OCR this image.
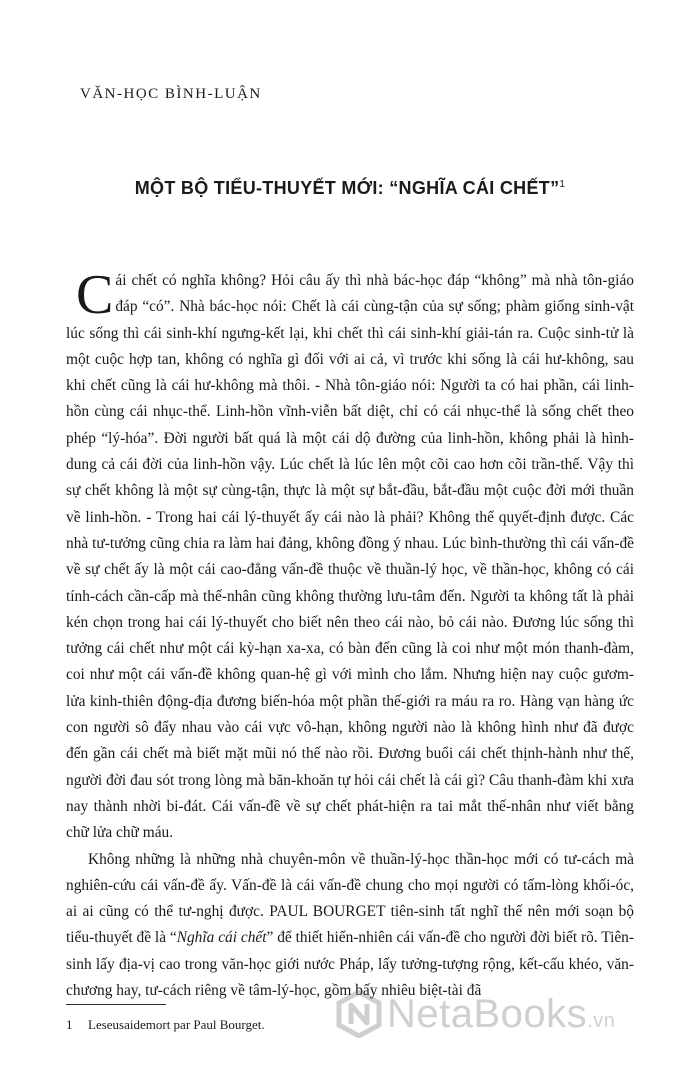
VĂN-HỌC BÌNH-LUẬN
MỘT BỘ TIỂU-THUYẾT MỚI: “NGHĨA CÁI CHẾT”$^1$

Cái chết có nghĩa không? Hỏi câu ấy thì nhà bác-học đáp “không” mà nhà tôn-giáo đáp “có”. Nhà bác-học nói: Chết là cái cùng-tận của sự sống; phàm giống sinh-vật lúc sống thì cái sinh-khí ngưng-kết lại, khi chết thì cái sinh-khí giải-tán ra. Cuộc sinh-tử là một cuộc hợp tan, không có nghĩa gì đối với ai cả, vì trước khi sống là cái hư-không, sau khi chết cũng là cái hư-không mà thôi. - Nhà tôn-giáo nói: Người ta có hai phần, cái linh-hồn cùng cái nhục-thể. Linh-hồn vĩnh-viễn bất diệt, chỉ có cái nhục-thể là sống chết theo phép “lý-hóa”. Đời người bất quá là một cái dộ đường của linh-hồn, không phải là hình-dung cả cái đời của linh-hồn vậy. Lúc chết là lúc lên một cõi cao hơn cõi trần-thế. Vậy thì sự chết không là một sự cùng-tận, thực là một sự bắt-đầu, bắt-đầu một cuộc đời mới thuần về linh-hồn. - Trong hai cái lý-thuyết ấy cái nào là phải? Không thể quyết-định được. Các nhà tư-tưởng cũng chia ra làm hai đảng, không đồng ý nhau. Lúc bình-thường thì cái vấn-đề về sự chết ấy là một cái cao-đẳng vấn-đề thuộc về thuần-lý học, về thần-học, không có cái tính-cách cần-cấp mà thế-nhân cũng không thường lưu-tâm đến. Người ta không tất là phải kén chọn trong hai cái lý-thuyết cho biết nên theo cái nào, bỏ cái nào. Đương lúc sống thì tưởng cái chết như một cái kỳ-hạn xa-xa, có bàn đến cũng là coi như một món thanh-đàm, coi như một cái vấn-đề không quan-hệ gì với mình cho lắm. Nhưng hiện nay cuộc gươm-lửa kinh-thiên động-địa đương biến-hóa một phần thế-giới ra máu ra ro. Hàng vạn hàng ức con người sô đẩy nhau vào cái vực vô-hạn, không người nào là không hình như đã được đến gần cái chết mà biết mặt mũi nó thế nào rồi. Đương buổi cái chết thịnh-hành như thế, người đời đau sót trong lòng mà băn-khoăn tự hỏi cái chết là cái gì? Câu thanh-đàm khi xưa nay thành nhời bi-đát. Cái vấn-đề về sự chết phát-hiện ra tai mắt thế-nhân như viết bằng chữ lửa chữ máu.

Không những là những nhà chuyên-môn về thuần-lý-học thần-học mới có tư-cách mà nghiên-cứu cái vấn-đề ấy. Vấn-đề là cái vấn-đề chung cho mọi người có tấm-lòng khối-óc, ai ai cũng có thể tư-nghị được. PAUL BOURGET tiên-sinh tất nghĩ thế nên mới soạn bộ tiểu-thuyết đề là “Nghĩa cái chết” để thiết hiển-nhiên cái vấn-đề cho người đời biết rõ. Tiên-sinh lấy địa-vị cao trong văn-học giới nước Pháp, lấy tưởng-tượng rộng, kết-cấu khéo, văn-chương hay, tư-cách riêng về tâm-lý-học, gồm bấy nhiêu biệt-tài đã

1 Leseusaidemort par Paul Bourget.	NetaBooks.vn
